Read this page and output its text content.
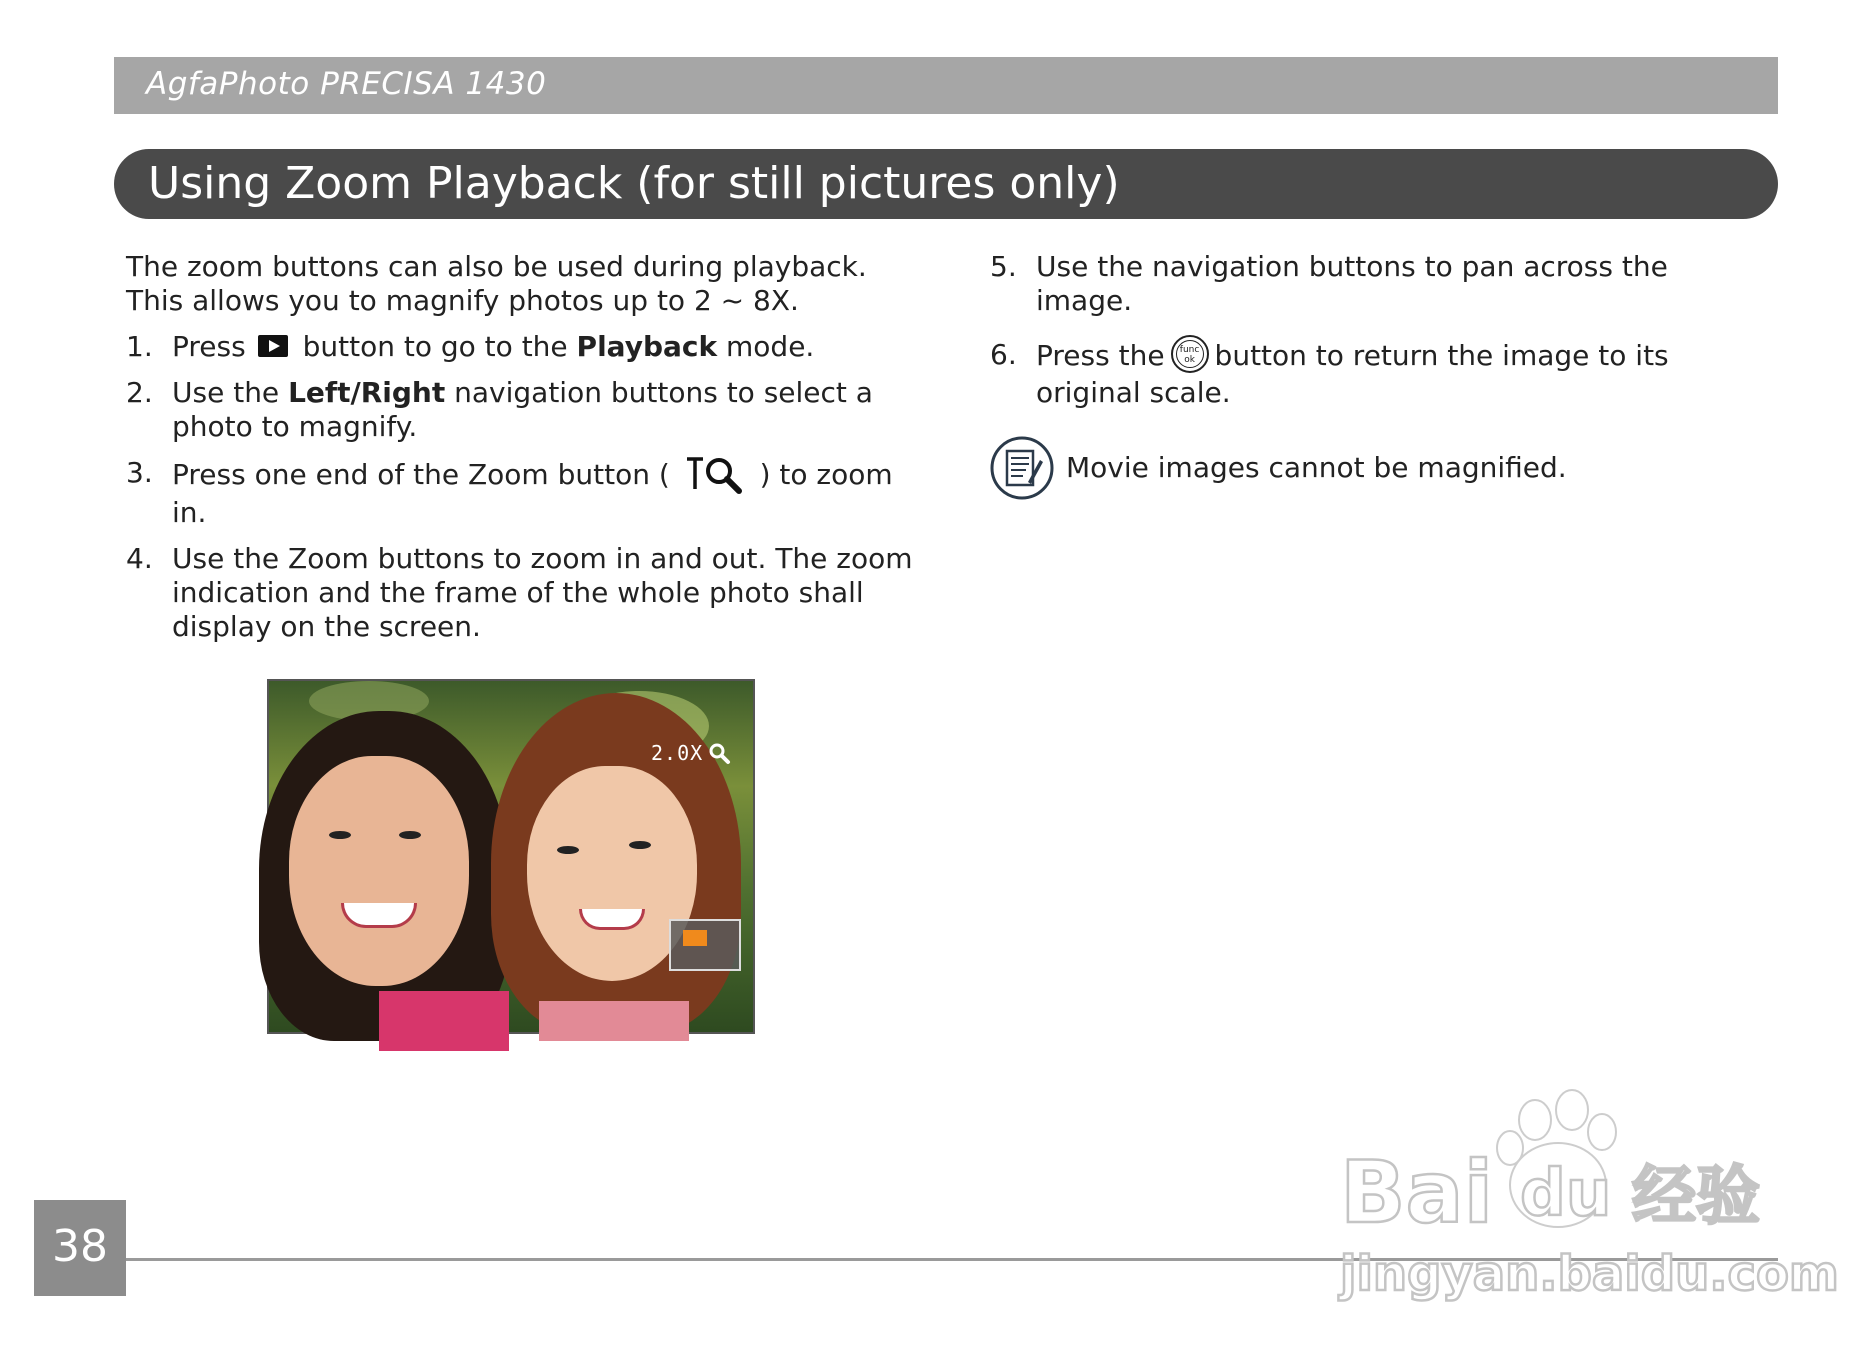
AgfaPhoto PRECISA 1430
Using Zoom Playback (for still pictures only)

The zoom buttons can also be used during playback. This allows you to magnify photos up to 2 ~ 8X.

1. Press button to go to the Playback mode.
2. Use the Left/Right navigation buttons to select a photo to magnify.
3. Press one end of the Zoom button (	) to zoom in.
4. Use the Zoom buttons to zoom in and out. The zoom indication and the frame of the whole photo shall display on the screen.
5. Use the navigation buttons to pan across the image.
6. Press the	func
ok button to return the image to its original scale.
Movie images cannot be magnified.
2.0X
38
Bai du 经验
jingyan.baidu.com
